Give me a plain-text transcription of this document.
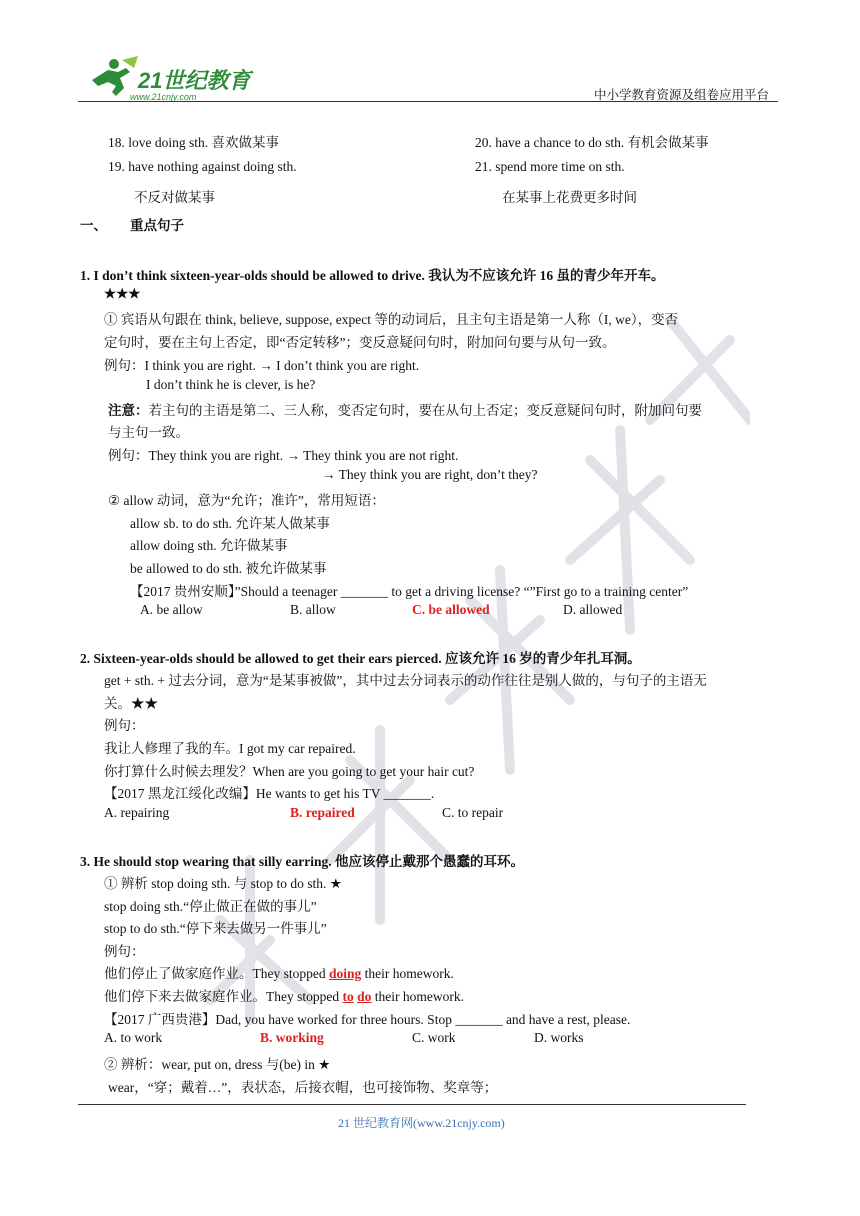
21世纪教育
www.21cnjy.com	中小学教育资源及组卷应用平台
18. love doing sth. 喜欢做某事	20. have a chance to do sth. 有机会做某事
19. have nothing against doing sth.	21. spend more time on sth.
不反对做某事	在某事上花费更多时间
一、 重点句子
1. I don’t think sixteen-year-olds should be allowed to drive. 我认为不应该允许 16 虽的青少年开车。
★★★
① 宾语从句跟在 think, believe, suppose, expect 等的动词后，且主句主语是第一人称（I, we），变否
定句时，要在主句上否定，即“否定转移”；变反意疑问句时，附加问句要与从句一致。
例句：I think you are right. → I don’t think you are right.
I don’t think he is clever, is he?
注意：若主句的主语是第二、三人称，变否定句时，要在从句上否定；变反意疑问句时，附加问句要
与主句一致。
例句：They think you are right. → They think you are not right.
→ They think you are right, don’t they?
② allow 动词，意为“允许；准许”，常用短语：
allow sb. to do sth. 允许某人做某事
allow doing sth. 允许做某事
be allowed to do sth. 被允许做某事
【2017 贵州安顺】”Should a teenager _______ to get a driving license? “”First go to a training center”
A. be allow	B. allow	C. be allowed	D. allowed
2. Sixteen-year-olds should be allowed to get their ears pierced. 应该允许 16 岁的青少年扎耳洞。
get + sth. + 过去分词，意为“是某事被做”，其中过去分词表示的动作往往是别人做的，与句子的主语无
关。★★
例句：
我让人修理了我的车。I got my car repaired.
你打算什么时候去理发？When are you going to get your hair cut?
【2017 黑龙江绥化改编】He wants to get his TV _______.
A. repairing	B. repaired	C. to repair
3. He should stop wearing that silly earring. 他应该停止戴那个愚蠢的耳环。
① 辨析 stop doing sth. 与 stop to do sth. ★
stop doing sth.“停止做正在做的事儿”
stop to do sth.“停下来去做另一件事儿”
例句：
他们停止了做家庭作业。They stopped doing their homework.
他们停下来去做家庭作业。They stopped to do their homework.
【2017 广西贵港】Dad, you have worked for three hours. Stop _______ and have a rest, please.
A. to work	B. working	C. work	D. works
② 辨析：wear, put on, dress 与(be) in ★
wear，“穿；戴着…”，表状态，后接衣帽，也可接饰物、奖章等；
21 世纪教育网(www.21cnjy.com)
